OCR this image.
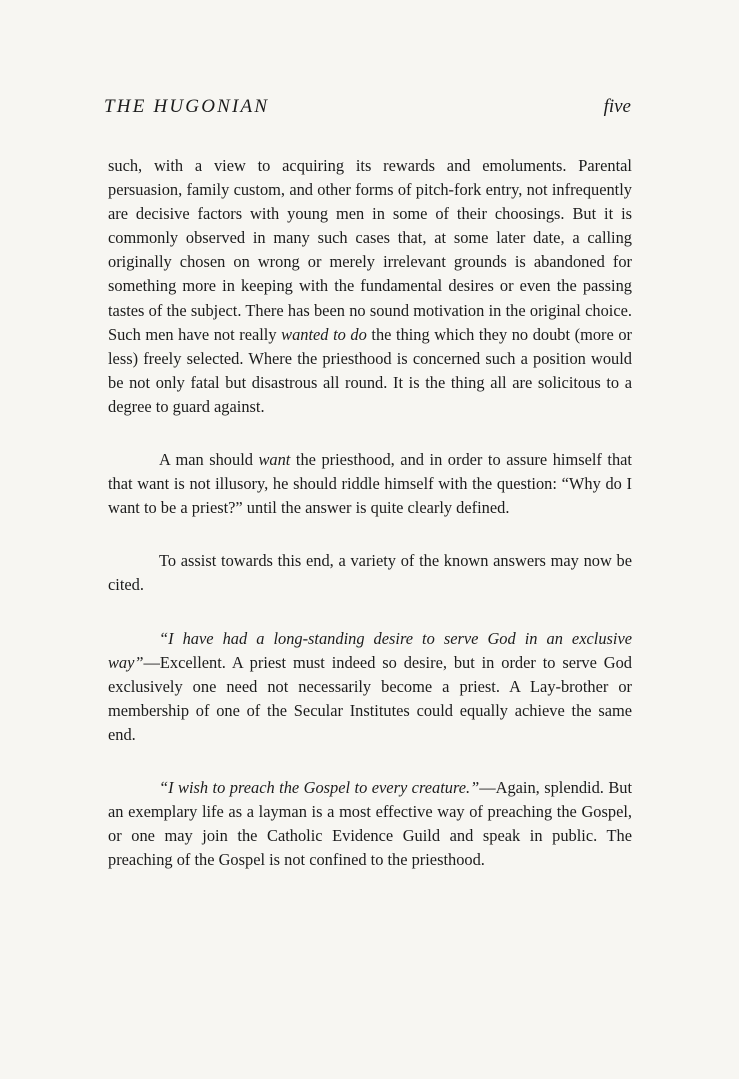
THE HUGONIAN	five

such, with a view to acquiring its rewards and emoluments. Parental persuasion, family custom, and other forms of pitch-fork entry, not infrequently are decisive factors with young men in some of their choosings. But it is commonly observed in many such cases that, at some later date, a calling originally chosen on wrong or merely irrelevant grounds is abandoned for something more in keeping with the fundamental desires or even the passing tastes of the subject. There has been no sound motivation in the original choice. Such men have not really wanted to do the thing which they no doubt (more or less) freely selected. Where the priesthood is concerned such a position would be not only fatal but disastrous all round. It is the thing all are solicitous to a degree to guard against.

A man should want the priesthood, and in order to assure himself that that want is not illusory, he should riddle himself with the question: “Why do I want to be a priest?” until the answer is quite clearly defined.

To assist towards this end, a variety of the known answers may now be cited.

“I have had a long-standing desire to serve God in an exclusive way”—Excellent. A priest must indeed so desire, but in order to serve God exclusively one need not necessarily become a priest. A Lay-brother or membership of one of the Secular Institutes could equally achieve the same end.

“I wish to preach the Gospel to every creature.”—Again, splendid. But an exemplary life as a layman is a most effective way of preaching the Gospel, or one may join the Catholic Evidence Guild and speak in public. The preaching of the Gospel is not confined to the priesthood.
